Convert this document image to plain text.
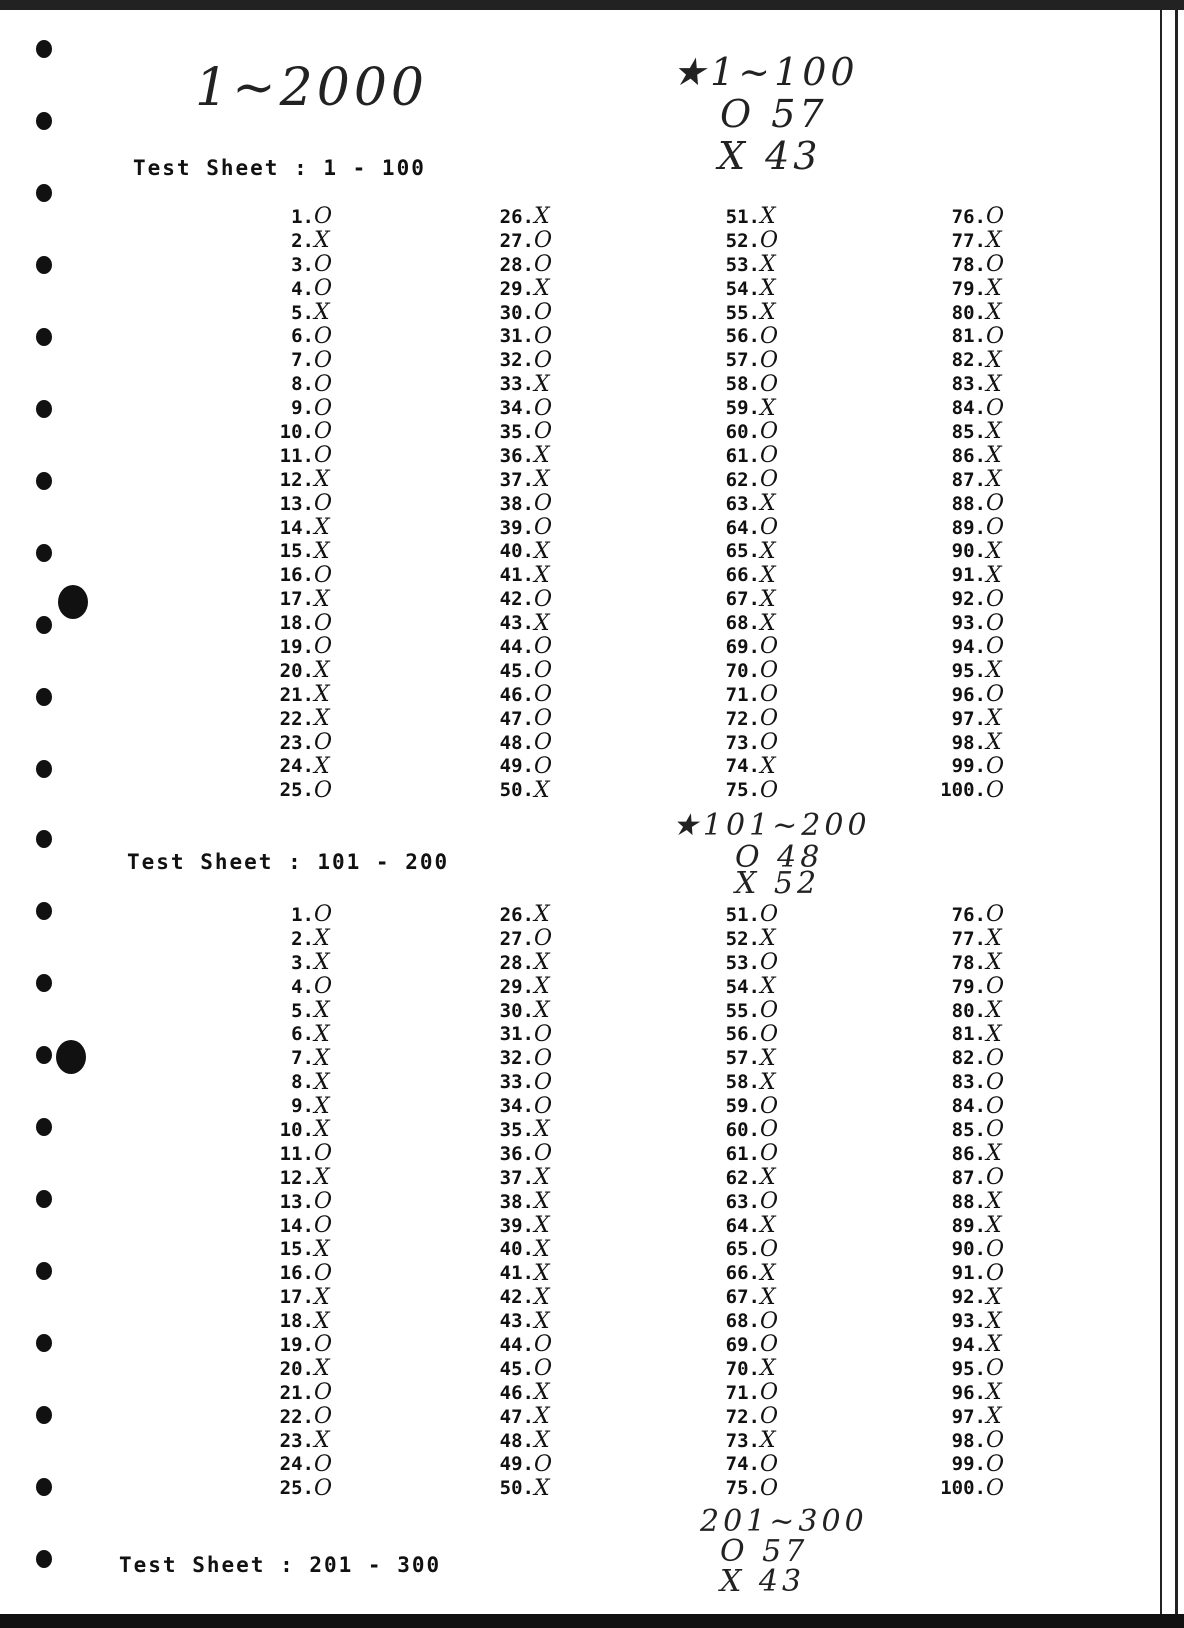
1~2000	★1~100
O 57
X 43
★101~200
O 48
X 52
201~300
O 57
X 43
Test Sheet : 1 - 100
1. O
2. X
3. O
4. O
5. X
6. O
7. O
8. O
9. O
10. O
11. O
12. X
13. O
14. X
15. X
16. O
17. X
18. O
19. O
20. X
21. X
22. X
23. O
24. X
25. O
26. X
27. O
28. O
29. X
30. O
31. O
32. O
33. X
34. O
35. O
36. X
37. X
38. O
39. O
40. X
41. X
42. O
43. X
44. O
45. O
46. O
47. O
48. O
49. O
50. X
51. X
52. O
53. X
54. X
55. X
56. O
57. O
58. O
59. X
60. O
61. O
62. O
63. X
64. O
65. X
66. X
67. X
68. X
69. O
70. O
71. O
72. O
73. O
74. X
75. O
76. O
77. X
78. O
79. X
80. X
81. O
82. X
83. X
84. O
85. X
86. X
87. X
88. O
89. O
90. X
91. X
92. O
93. O
94. O
95. X
96. O
97. X
98. X
99. O
100. O
Test Sheet : 101 - 200
1. O
2. X
3. X
4. O
5. X
6. X
7. X
8. X
9. X
10. X
11. O
12. X
13. O
14. O
15. X
16. O
17. X
18. X
19. O
20. X
21. O
22. O
23. X
24. O
25. O
26. X
27. O
28. X
29. X
30. X
31. O
32. O
33. O
34. O
35. X
36. O
37. X
38. X
39. X
40. X
41. X
42. X
43. X
44. O
45. O
46. X
47. X
48. X
49. O
50. X
51. O
52. X
53. O
54. X
55. O
56. O
57. X
58. X
59. O
60. O
61. O
62. X
63. O
64. X
65. O
66. X
67. X
68. O
69. O
70. X
71. O
72. O
73. X
74. O
75. O
76. O
77. X
78. X
79. O
80. X
81. X
82. O
83. O
84. O
85. O
86. X
87. O
88. X
89. X
90. O
91. O
92. X
93. X
94. X
95. O
96. X
97. X
98. O
99. O
100. O
Test Sheet : 201 - 300
